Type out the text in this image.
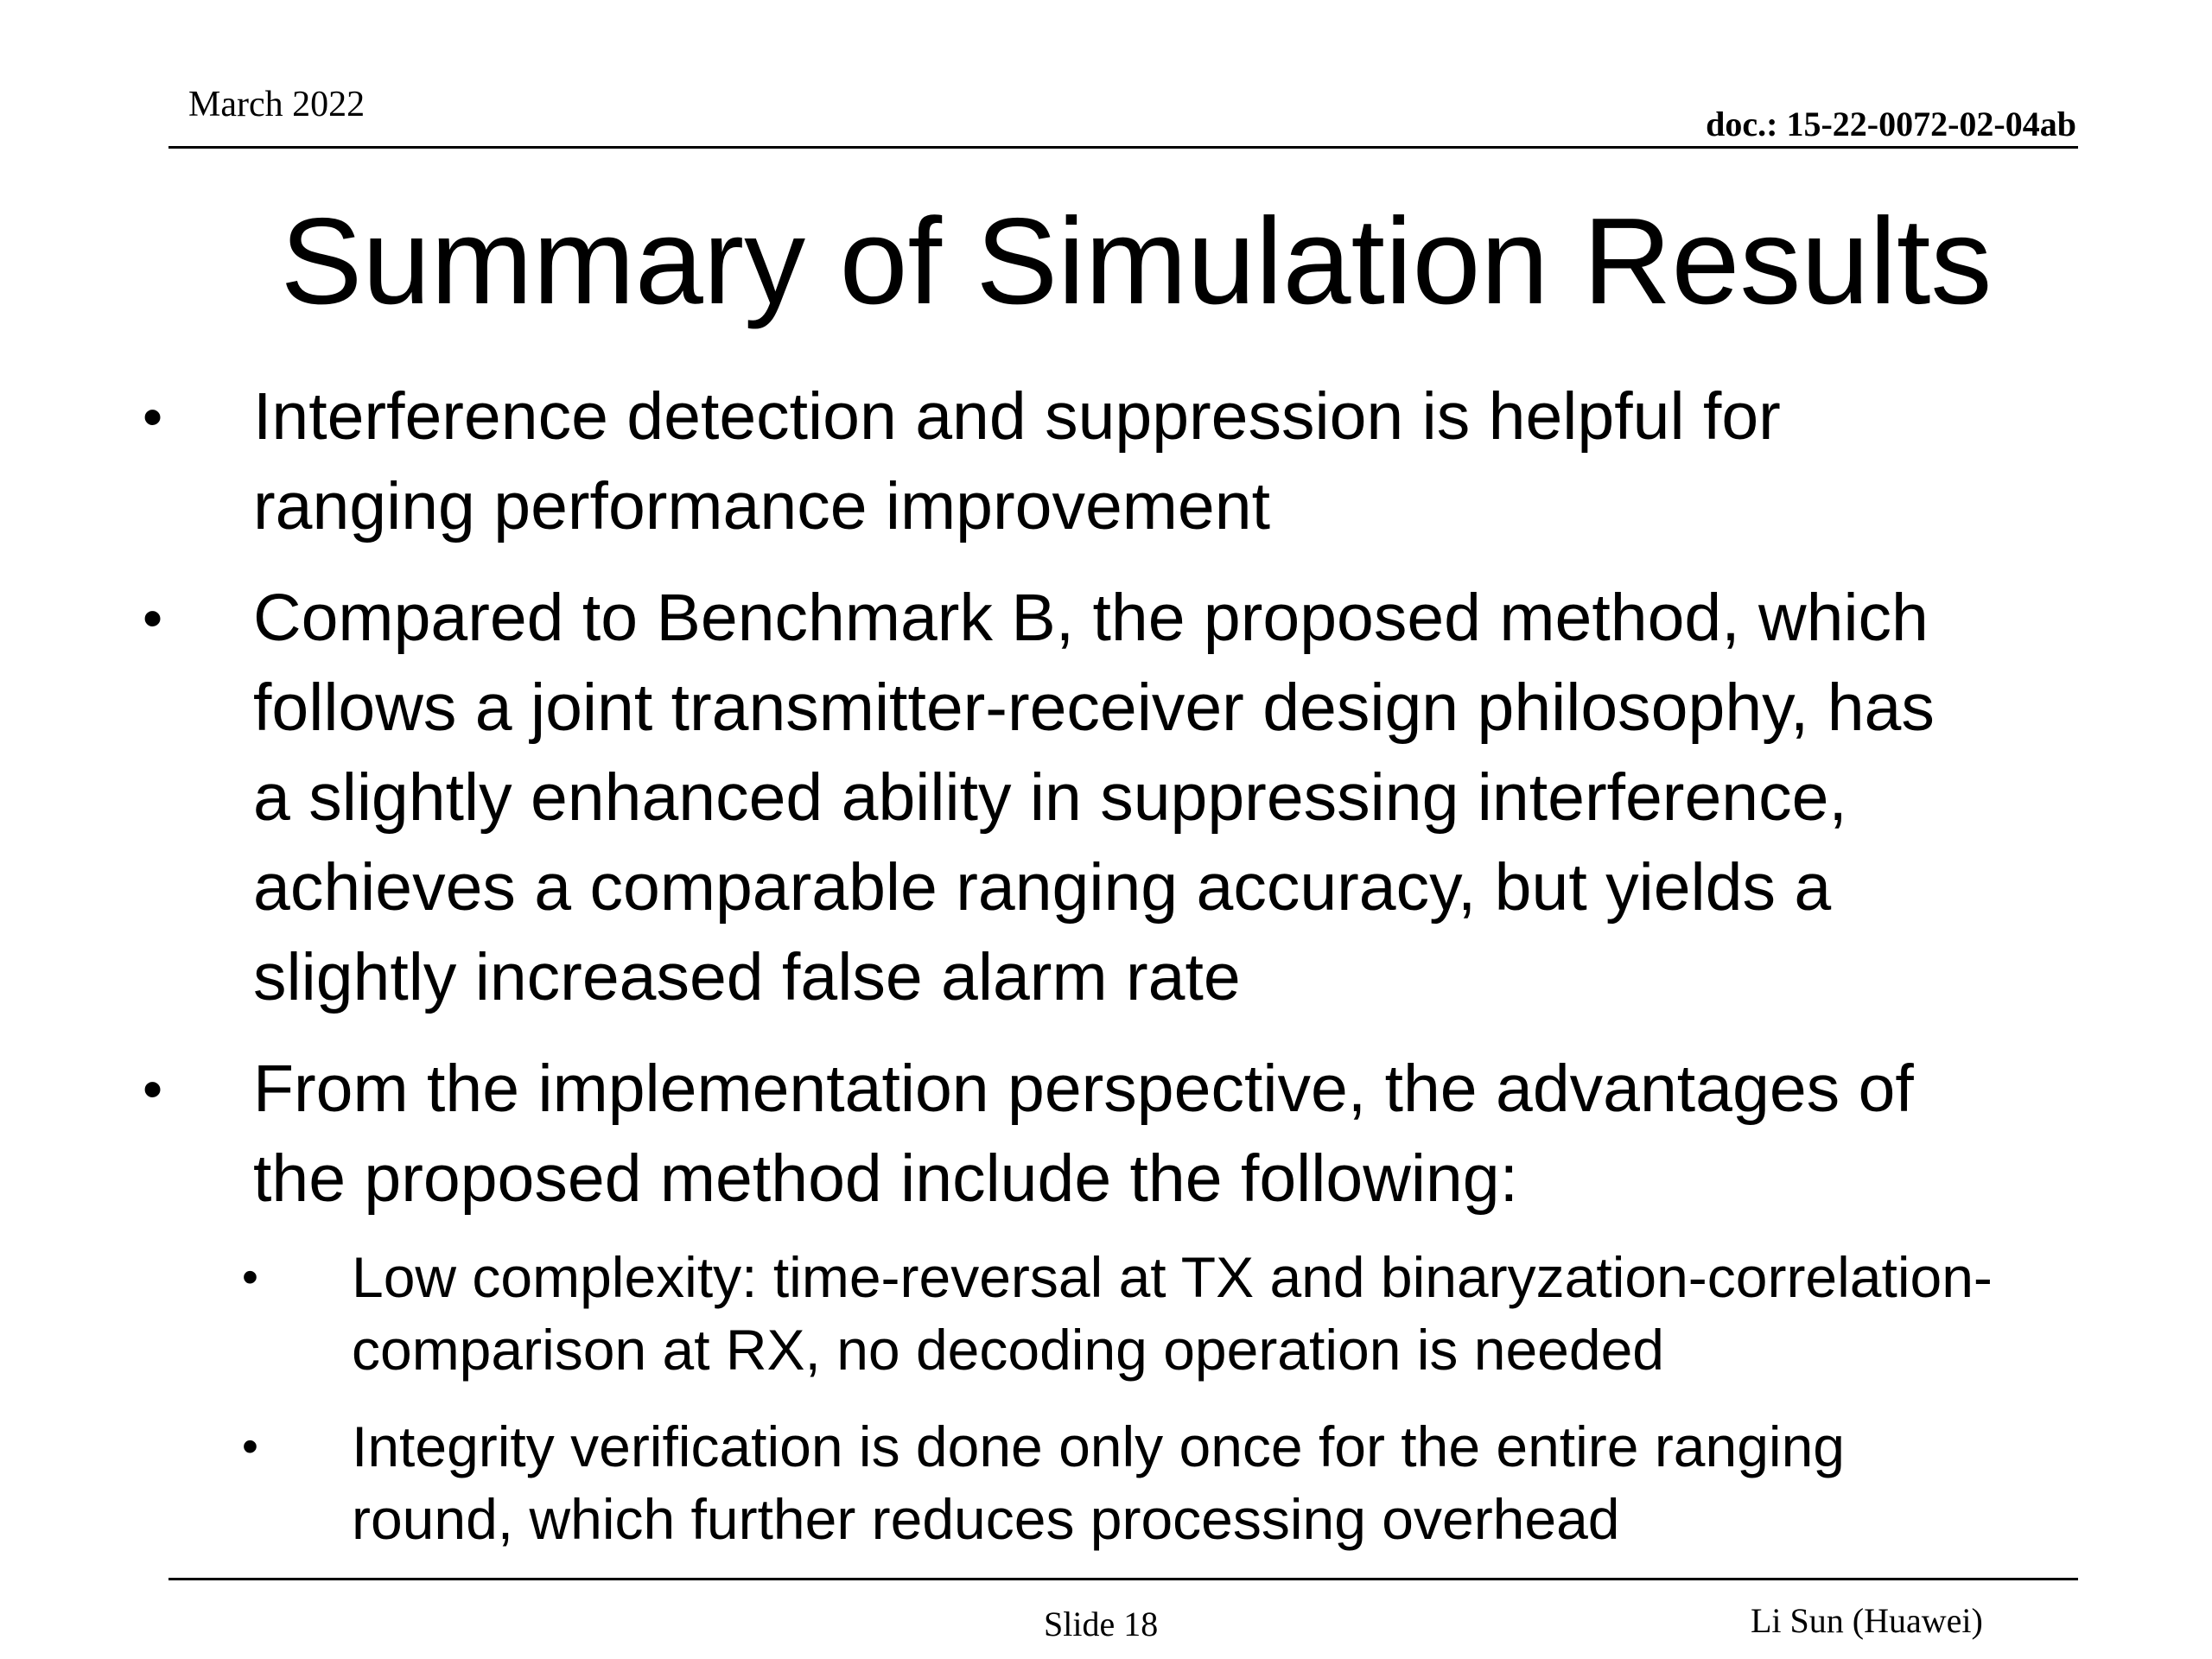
March 2022	doc.: 15-22-0072-02-04ab
Summary of Simulation Results
• Interference detection and suppression is helpful for
ranging performance improvement
• Compared to Benchmark B, the proposed method, which
follows a joint transmitter-receiver design philosophy, has
a slightly enhanced ability in suppressing interference,
achieves a comparable ranging accuracy, but yields a
slightly increased false alarm rate
• From the implementation perspective, the advantages of
the proposed method include the following:
• Low complexity: time-reversal at TX and binaryzation-correlation-
comparison at RX, no decoding operation is needed
• Integrity verification is done only once for the entire ranging
round, which further reduces processing overhead
Slide 18	Li Sun (Huawei)
